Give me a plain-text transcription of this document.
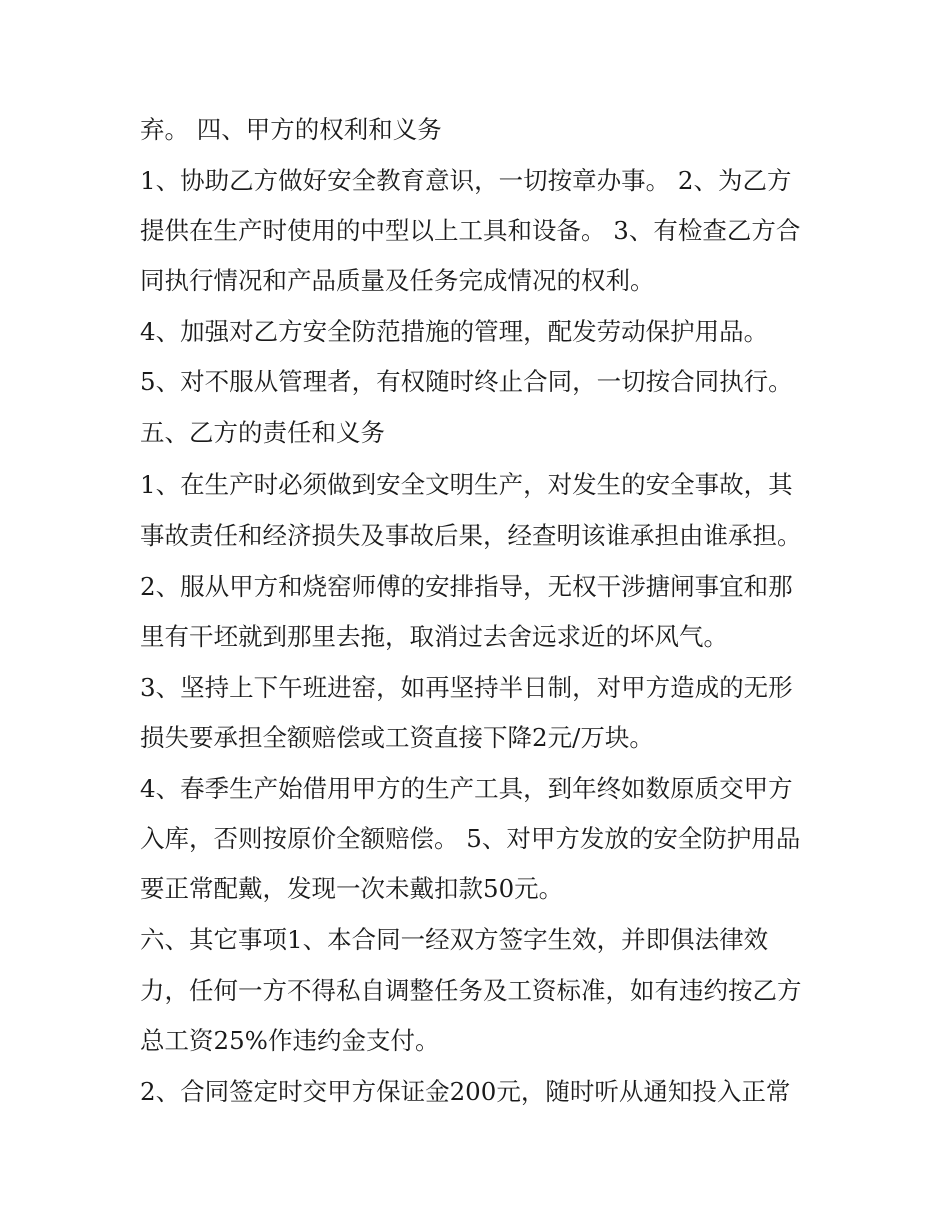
弃。 四、甲方的权利和义务
1、协助乙方做好安全教育意识，一切按章办事。 2、为乙方
提供在生产时使用的中型以上工具和设备。 3、有检查乙方合
同执行情况和产品质量及任务完成情况的权利。
4、加强对乙方安全防范措施的管理，配发劳动保护用品。
5、对不服从管理者，有权随时终止合同，一切按合同执行。
五、乙方的责任和义务
1、在生产时必须做到安全文明生产，对发生的安全事故，其
事故责任和经济损失及事故后果，经查明该谁承担由谁承担。
2、服从甲方和烧窑师傅的安排指导，无权干涉搪闸事宜和那
里有干坯就到那里去拖，取消过去舍远求近的坏风气。
3、坚持上下午班进窑，如再坚持半日制，对甲方造成的无形
损失要承担全额赔偿或工资直接下降2元/万块。
4、春季生产始借用甲方的生产工具，到年终如数原质交甲方
入库，否则按原价全额赔偿。 5、对甲方发放的安全防护用品
要正常配戴，发现一次未戴扣款50元。
六、其它事项1、本合同一经双方签字生效，并即俱法律效
力，任何一方不得私自调整任务及工资标准，如有违约按乙方
总工资25%作违约金支付。
2、合同签定时交甲方保证金200元，随时听从通知投入正常
